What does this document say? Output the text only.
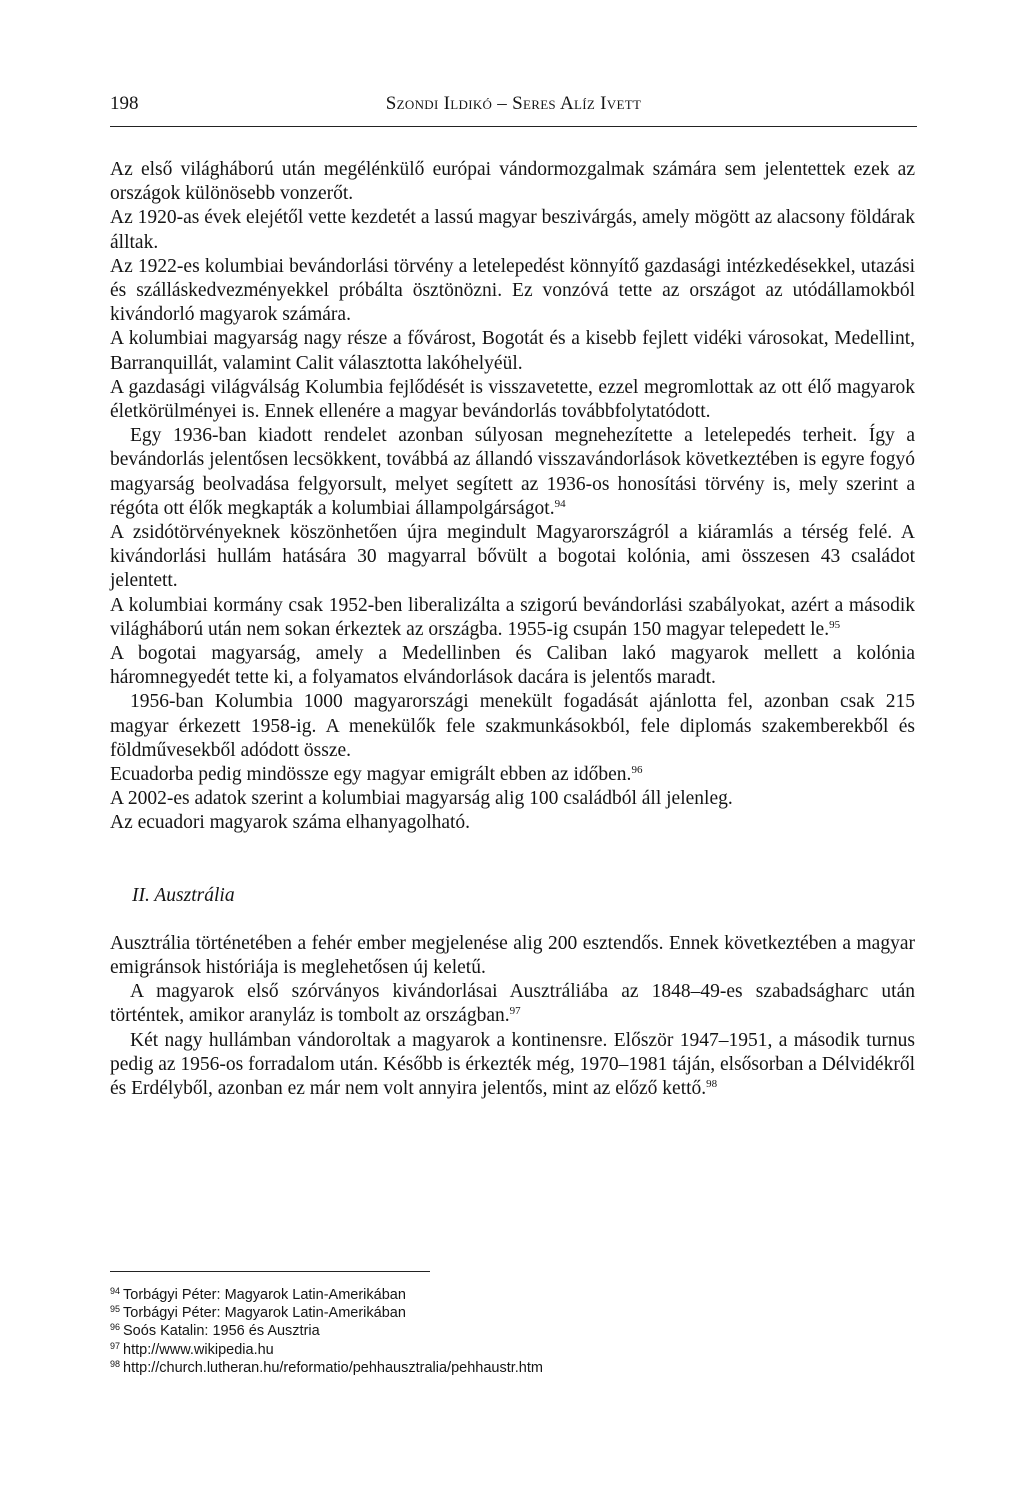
198	Szondi Ildikó – Seres Alíz Ivett

Az első világháború után megélénkülő európai vándormozgalmak számára sem jelentettek ezek az országok különösebb vonzerőt.

Az 1920-as évek elejétől vette kezdetét a lassú magyar beszivárgás, amely mögött az alacsony földárak álltak.

Az 1922-es kolumbiai bevándorlási törvény a letelepedést könnyítő gazdasági intézkedésekkel, utazási és szálláskedvezményekkel próbálta ösztönözni. Ez vonzóvá tette az országot az utódállamokból kivándorló magyarok számára.

A kolumbiai magyarság nagy része a fővárost, Bogotát és a kisebb fejlett vidéki városokat, Medellint, Barranquillát, valamint Calit választotta lakóhelyéül.

A gazdasági világválság Kolumbia fejlődését is visszavetette, ezzel megromlottak az ott élő magyarok életkörülményei is. Ennek ellenére a magyar bevándorlás továbbfolytatódott.

Egy 1936-ban kiadott rendelet azonban súlyosan megnehezítette a letelepedés terheit. Így a bevándorlás jelentősen lecsökkent, továbbá az állandó visszavándorlások következtében is egyre fogyó magyarság beolvadása felgyorsult, melyet segített az 1936-os honosítási törvény is, mely szerint a régóta ott élők megkapták a kolumbiai állampolgárságot.$^{94}$

A zsidótörvényeknek köszönhetően újra megindult Magyarországról a kiáramlás a térség felé. A kivándorlási hullám hatására 30 magyarral bővült a bogotai kolónia, ami összesen 43 családot jelentett.

A kolumbiai kormány csak 1952-ben liberalizálta a szigorú bevándorlási szabályokat, azért a második világháború után nem sokan érkeztek az országba. 1955-ig csupán 150 magyar telepedett le.$^{95}$

A bogotai magyarság, amely a Medellinben és Caliban lakó magyarok mellett a kolónia háromnegyedét tette ki, a folyamatos elvándorlások dacára is jelentős maradt.

1956-ban Kolumbia 1000 magyarországi menekült fogadását ajánlotta fel, azonban csak 215 magyar érkezett 1958-ig. A menekülők fele szakmunkásokból, fele diplomás szakemberekből és földművesekből adódott össze.

Ecuadorba pedig mindössze egy magyar emigrált ebben az időben.$^{96}$

A 2002-es adatok szerint a kolumbiai magyarság alig 100 családból áll jelenleg.

Az ecuadori magyarok száma elhanyagolható.

II. Ausztrália

Ausztrália történetében a fehér ember megjelenése alig 200 esztendős. Ennek következtében a magyar emigránsok históriája is meglehetősen új keletű.

A magyarok első szórványos kivándorlásai Ausztráliába az 1848–49-es szabadságharc után történtek, amikor aranyláz is tombolt az országban.$^{97}$

Két nagy hullámban vándoroltak a magyarok a kontinensre. Először 1947–1951, a második turnus pedig az 1956-os forradalom után. Később is érkezték még, 1970–1981 táján, elsősorban a Délvidékről és Erdélyből, azonban ez már nem volt annyira jelentős, mint az előző kettő.$^{98}$

$^{94}$ Torbágyi Péter: Magyarok Latin-Amerikában

$^{95}$ Torbágyi Péter: Magyarok Latin-Amerikában

$^{96}$ Soós Katalin: 1956 és Ausztria

$^{97}$ http://www.wikipedia.hu

$^{98}$ http://church.lutheran.hu/reformatio/pehhausztralia/pehhaustr.htm
